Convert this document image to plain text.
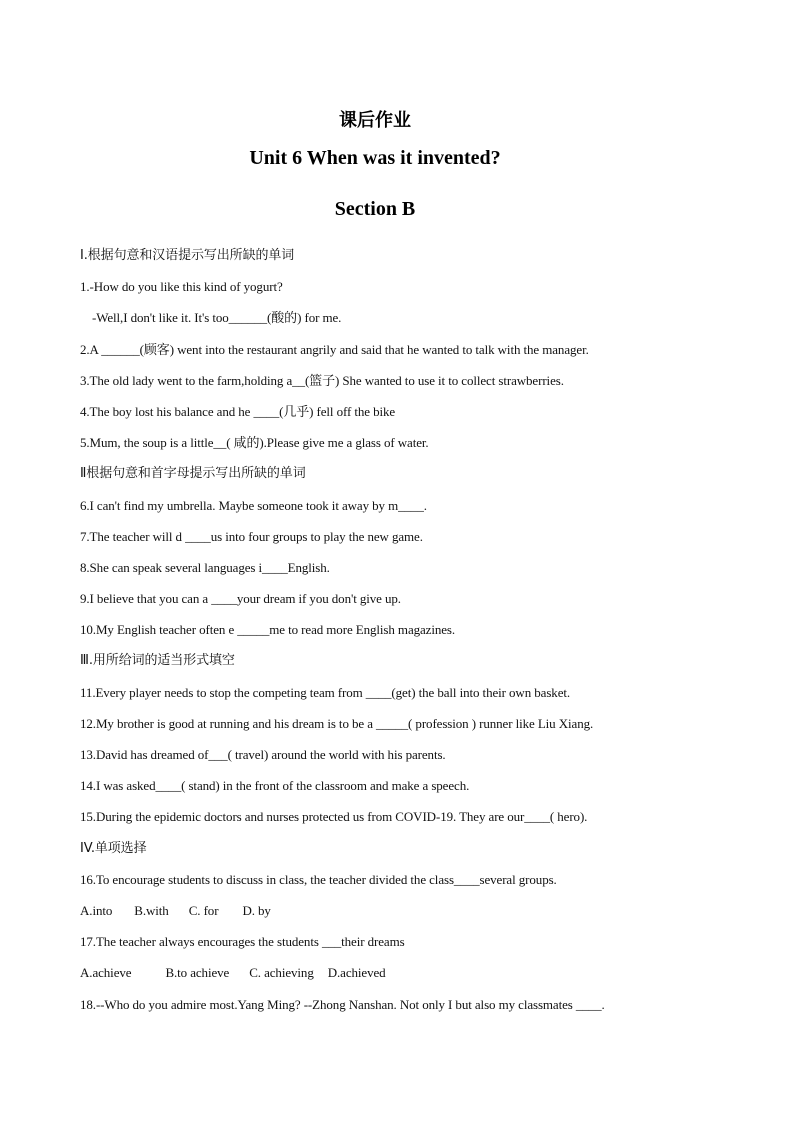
课后作业
Unit 6 When was it invented?
Section B
I.根据句意和汉语提示写出所缺的单词
1.-How do you like this kind of yogurt?
-Well,I don't like it. It's too______(酸的) for me.
2.A ______(顾客) went into the restaurant angrily and said that he wanted to talk with the manager.
3.The old lady went to the farm,holding a__(篮子) She wanted to use it to collect strawberries.
4.The boy lost his balance and he ____(几乎) fell off the bike
5.Mum, the soup is a little__( 咸的).Please give me a glass of water.
Ⅱ根据句意和首字母提示写出所缺的单词
6.I can't find my umbrella. Maybe someone took it away by m____.
7.The teacher will d ____us into four groups to play the new game.
8.She can speak several languages i____English.
9.I believe that you can a ____your dream if you don't give up.
10.My English teacher often e _____me to read more English magazines.
Ⅲ.用所给词的适当形式填空
11.Every player needs to stop the competing team from ____(get) the ball into their own basket.
12.My brother is good at running and his dream is to be a _____( profession ) runner like Liu Xiang.
13.David has dreamed of___( travel) around the world with his parents.
14.I was asked____( stand) in the front of the classroom and make a speech.
15.During the epidemic doctors and nurses protected us from COVID-19. They are our____( hero).
IV.单项选择
16.To encourage students to discuss in class, the teacher divided the class____several groups.
A.into B.with C. for D. by
17.The teacher always encourages the students ___their dreams
A.achieve	B.to achieve C. achieving D.achieved
18.--Who do you admire most.Yang Ming? --Zhong Nanshan. Not only I but also my classmates ____.
